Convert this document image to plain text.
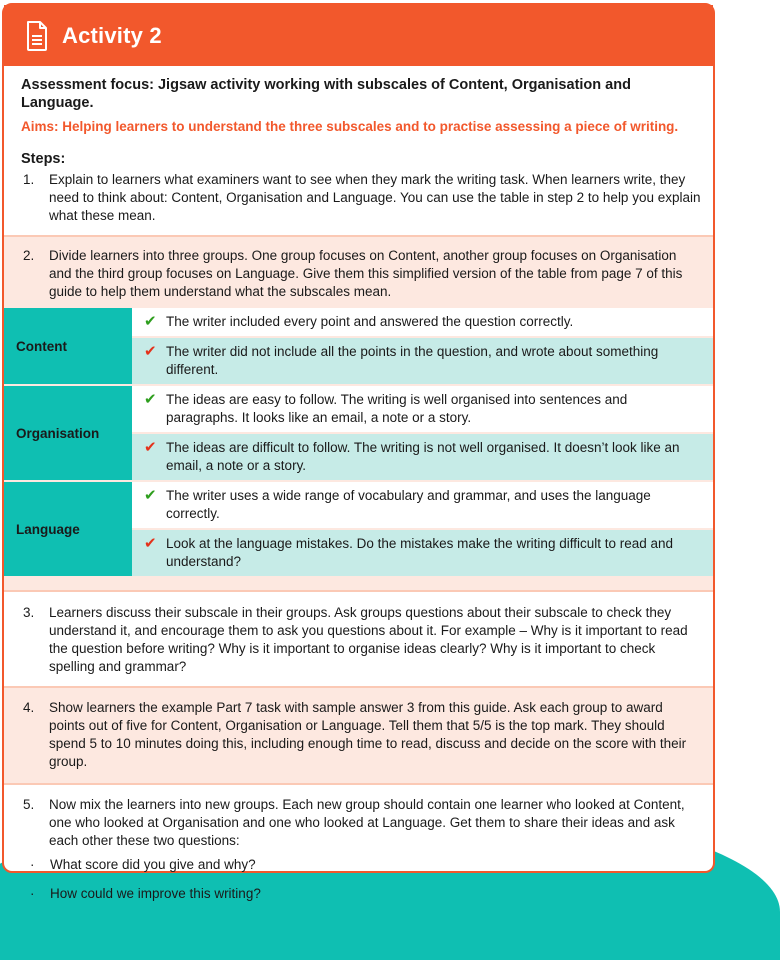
Activity 2

Assessment focus: Jigsaw activity working with subscales of Content, Organisation and Language.

Aims: Helping learners to understand the three subscales and to practise assessing a piece of writing.

Steps:

1.	Explain to learners what examiners want to see when they mark the writing task. When learners write, they need to think about: Content, Organisation and Language. You can use the table in step 2 to help you explain what these mean.
2.	Divide learners into three groups. One group focuses on Content, another group focuses on Organisation and the third group focuses on Language. Give them this simplified version of the table from page 7 of this guide to help them understand what the subscales mean.
Content
✔ The writer included every point and answered the question correctly.
✔ The writer did not include all the points in the question, and wrote about something different.
Organisation
✔ The ideas are easy to follow. The writing is well organised into sentences and paragraphs. It looks like an email, a note or a story.
✔ The ideas are difficult to follow. The writing is not well organised. It doesn’t look like an email, a note or a story.
Language
✔ The writer uses a wide range of vocabulary and grammar, and uses the language correctly.
✔ Look at the language mistakes. Do the mistakes make the writing difficult to read and understand?
3.	Learners discuss their subscale in their groups. Ask groups questions about their subscale to check they understand it, and encourage them to ask you questions about it. For example – Why is it important to read the question before writing? Why is it important to organise ideas clearly? Why is it important to check spelling and grammar?
4.	Show learners the example Part 7 task with sample answer 3 from this guide. Ask each group to award points out of five for Content, Organisation or Language. Tell them that 5/5 is the top mark. They should spend 5 to 10 minutes doing this, including enough time to read, discuss and decide on the score with their group.
5.	Now mix the learners into new groups. Each new group should contain one learner who looked at Content, one who looked at Organisation and one who looked at Language. Get them to share their ideas and ask each other these two questions:
·	What score did you give and why?
·	How could we improve this writing?
